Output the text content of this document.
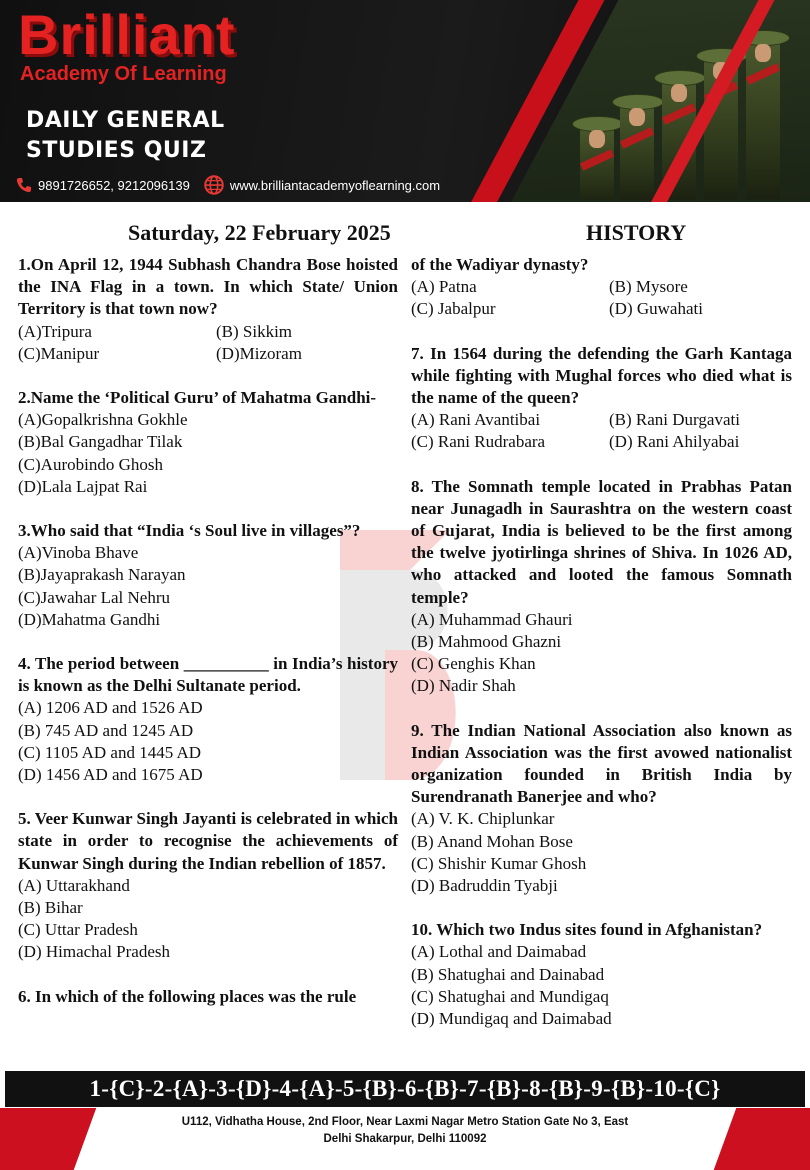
Brilliant
Academy Of Learning
DAILY GENERAL
STUDIES QUIZ
9891726652, 9212096139	www.brilliantacademyoflearning.com
Saturday, 22 February 2025	HISTORY
1.On April 12, 1944 Subhash Chandra Bose hoisted the INA Flag in a town. In which State/ Union Territory is that town now?
(A)Tripura	(B) Sikkim
(C)Manipur	(D)Mizoram
2.Name the ‘Political Guru’ of Mahatma Gandhi-
(A)Gopalkrishna Gokhle
(B)Bal Gangadhar Tilak
(C)Aurobindo Ghosh
(D)Lala Lajpat Rai
3.Who said that “India ‘s Soul live in villages”?
(A)Vinoba Bhave
(B)Jayaprakash Narayan
(C)Jawahar Lal Nehru
(D)Mahatma Gandhi
4. The period between __________ in India’s history is known as the Delhi Sultanate period.
(A) 1206 AD and 1526 AD
(B) 745 AD and 1245 AD
(C) 1105 AD and 1445 AD
(D) 1456 AD and 1675 AD
5. Veer Kunwar Singh Jayanti is celebrated in which state in order to recognise the achievements of Kunwar Singh during the Indian rebellion of 1857.
(A) Uttarakhand
(B) Bihar
(C) Uttar Pradesh
(D) Himachal Pradesh
6. In which of the following places was the rule
of the Wadiyar dynasty?
(A) Patna	(B) Mysore
(C) Jabalpur	(D) Guwahati
7. In 1564 during the defending the Garh Kantaga while fighting with Mughal forces who died what is the name of the queen?
(A) Rani Avantibai	(B) Rani Durgavati
(C) Rani Rudrabara	(D) Rani Ahilyabai
8. The Somnath temple located in Prabhas Patan near Junagadh in Saurashtra on the western coast of Gujarat, India is believed to be the first among the twelve jyotirlinga shrines of Shiva. In 1026 AD, who attacked and looted the famous Somnath temple?
(A) Muhammad Ghauri
(B) Mahmood Ghazni
(C) Genghis Khan
(D) Nadir Shah
9. The Indian National Association also known as Indian Association was the first avowed nationalist organization founded in British India by Surendranath Banerjee and who?
(A) V. K. Chiplunkar
(B) Anand Mohan Bose
(C) Shishir Kumar Ghosh
(D) Badruddin Tyabji
10. Which two Indus sites found in Afghanistan?
(A) Lothal and Daimabad
(B) Shatughai and Dainabad
(C) Shatughai and Mundigaq
(D) Mundigaq and Daimabad
1-{C}-2-{A}-3-{D}-4-{A}-5-{B}-6-{B}-7-{B}-8-{B}-9-{B}-10-{C}
U112, Vidhatha House, 2nd Floor, Near Laxmi Nagar Metro Station Gate No 3, East
Delhi Shakarpur, Delhi 110092
